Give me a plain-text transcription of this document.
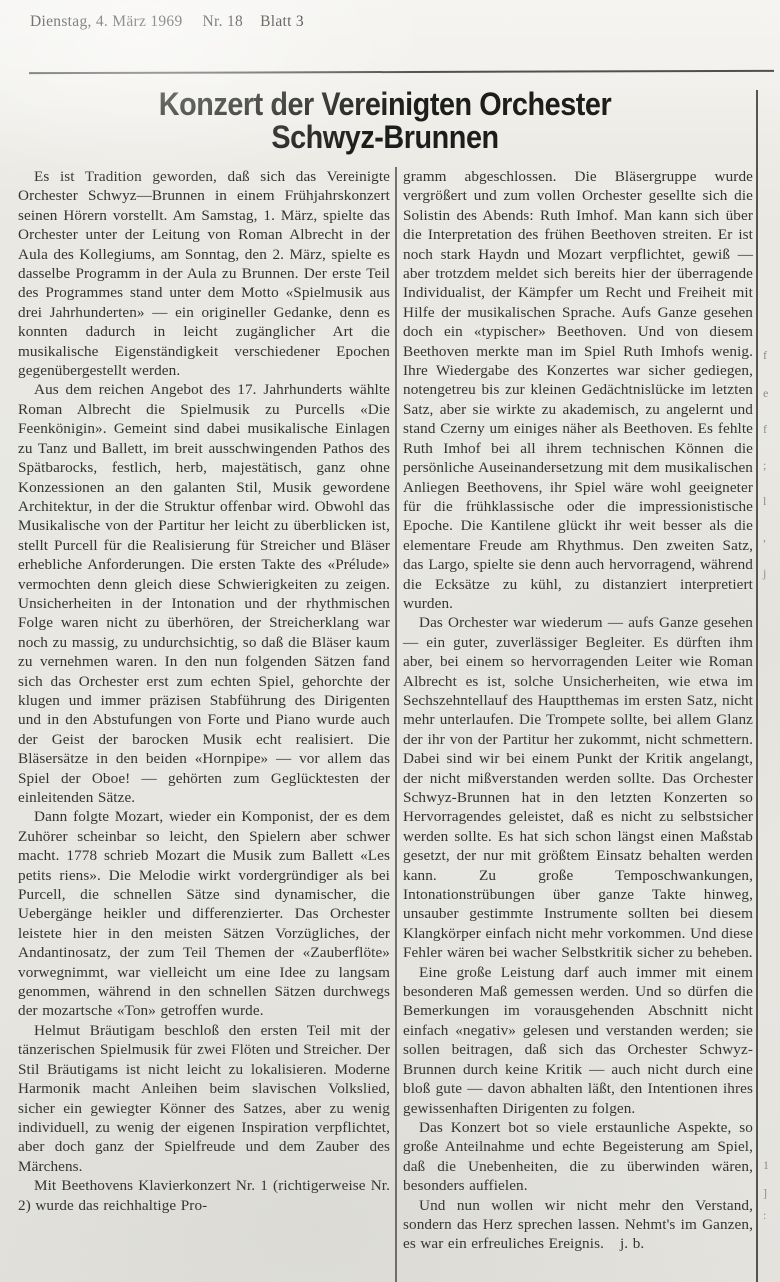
Dienstag, 4. März 1969 Nr. 18 Blatt 3
Konzert der Vereinigten Orchester
Schwyz-Brunnen

Es ist Tradition geworden, daß sich das Vereinigte Orchester Schwyz—Brunnen in einem Frühjahrskonzert seinen Hörern vorstellt. Am Samstag, 1. März, spielte das Orchester unter der Leitung von Roman Albrecht in der Aula des Kollegiums, am Sonntag, den 2. März, spielte es dasselbe Programm in der Aula zu Brunnen. Der erste Teil des Programmes stand unter dem Motto «Spielmusik aus drei Jahrhunderten» — ein origineller Gedanke, denn es konnten dadurch in leicht zugänglicher Art die musikalische Eigenständigkeit verschiedener Epochen gegenübergestellt werden.

Aus dem reichen Angebot des 17. Jahrhunderts wählte Roman Albrecht die Spielmusik zu Purcells «Die Feenkönigin». Gemeint sind dabei musikalische Einlagen zu Tanz und Ballett, im breit ausschwingenden Pathos des Spätbarocks, festlich, herb, majestätisch, ganz ohne Konzessionen an den galanten Stil, Musik gewordene Architektur, in der die Struktur offenbar wird. Obwohl das Musikalische von der Partitur her leicht zu überblicken ist, stellt Purcell für die Realisierung für Streicher und Bläser erhebliche Anforderungen. Die ersten Takte des «Prélude» vermochten denn gleich diese Schwierigkeiten zu zeigen. Unsicherheiten in der Intonation und der rhythmischen Folge waren nicht zu überhören, der Streicherklang war noch zu massig, zu undurchsichtig, so daß die Bläser kaum zu vernehmen waren. In den nun folgenden Sätzen fand sich das Orchester erst zum echten Spiel, gehorchte der klugen und immer präzisen Stabführung des Dirigenten und in den Abstufungen von Forte und Piano wurde auch der Geist der barocken Musik echt realisiert. Die Bläsersätze in den beiden «Hornpipe» — vor allem das Spiel der Oboe! — gehörten zum Geglücktesten der einleitenden Sätze.

Dann folgte Mozart, wieder ein Komponist, der es dem Zuhörer scheinbar so leicht, den Spielern aber schwer macht. 1778 schrieb Mozart die Musik zum Ballett «Les petits riens». Die Melodie wirkt vordergründiger als bei Purcell, die schnellen Sätze sind dynamischer, die Uebergänge heikler und differenzierter. Das Orchester leistete hier in den meisten Sätzen Vorzügliches, der Andantinosatz, der zum Teil Themen der «Zauberflöte» vorwegnimmt, war vielleicht um eine Idee zu langsam genommen, während in den schnellen Sätzen durchwegs der mozartsche «Ton» getroffen wurde.

Helmut Bräutigam beschloß den ersten Teil mit der tänzerischen Spielmusik für zwei Flöten und Streicher. Der Stil Bräutigams ist nicht leicht zu lokalisieren. Moderne Harmonik macht Anleihen beim slavischen Volkslied, sicher ein gewiegter Könner des Satzes, aber zu wenig individuell, zu wenig der eigenen Inspiration verpflichtet, aber doch ganz der Spielfreude und dem Zauber des Märchens.

Mit Beethovens Klavierkonzert Nr. 1 (richtigerweise Nr. 2) wurde das reichhaltige Pro-

gramm abgeschlossen. Die Bläsergruppe wurde vergrößert und zum vollen Orchester gesellte sich die Solistin des Abends: Ruth Imhof. Man kann sich über die Interpretation des frühen Beethoven streiten. Er ist noch stark Haydn und Mozart verpflichtet, gewiß — aber trotzdem meldet sich bereits hier der überragende Individualist, der Kämpfer um Recht und Freiheit mit Hilfe der musikalischen Sprache. Aufs Ganze gesehen doch ein «typischer» Beethoven. Und von diesem Beethoven merkte man im Spiel Ruth Imhofs wenig. Ihre Wiedergabe des Konzertes war sicher gediegen, notengetreu bis zur kleinen Gedächtnislücke im letzten Satz, aber sie wirkte zu akademisch, zu angelernt und stand Czerny um einiges näher als Beethoven. Es fehlte Ruth Imhof bei all ihrem technischen Können die persönliche Auseinandersetzung mit dem musikalischen Anliegen Beethovens, ihr Spiel wäre wohl geeigneter für die frühklassische oder die impressionistische Epoche. Die Kantilene glückt ihr weit besser als die elementare Freude am Rhythmus. Den zweiten Satz, das Largo, spielte sie denn auch hervorragend, während die Ecksätze zu kühl, zu distanziert interpretiert wurden.

Das Orchester war wiederum — aufs Ganze gesehen — ein guter, zuverlässiger Begleiter. Es dürften ihm aber, bei einem so hervorragenden Leiter wie Roman Albrecht es ist, solche Unsicherheiten, wie etwa im Sechszehntellauf des Hauptthemas im ersten Satz, nicht mehr unterlaufen. Die Trompete sollte, bei allem Glanz der ihr von der Partitur her zukommt, nicht schmettern. Dabei sind wir bei einem Punkt der Kritik angelangt, der nicht mißverstanden werden sollte. Das Orchester Schwyz-Brunnen hat in den letzten Konzerten so Hervorragendes geleistet, daß es nicht zu selbstsicher werden sollte. Es hat sich schon längst einen Maßstab gesetzt, der nur mit größtem Einsatz behalten werden kann. Zu große Temposchwankungen, Intonationstrübungen über ganze Takte hinweg, unsauber gestimmte Instrumente sollten bei diesem Klangkörper einfach nicht mehr vorkommen. Und diese Fehler wären bei wacher Selbstkritik sicher zu beheben.

Eine große Leistung darf auch immer mit einem besonderen Maß gemessen werden. Und so dürfen die Bemerkungen im vorausgehenden Abschnitt nicht einfach «negativ» gelesen und verstanden werden; sie sollen beitragen, daß sich das Orchester Schwyz-Brunnen durch keine Kritik — auch nicht durch eine bloß gute — davon abhalten läßt, den Intentionen ihres gewissenhaften Dirigenten zu folgen.

Das Konzert bot so viele erstaunliche Aspekte, so große Anteilnahme und echte Begeisterung am Spiel, daß die Unebenheiten, die zu überwinden wären, besonders auffielen.

Und nun wollen wir nicht mehr den Verstand, sondern das Herz sprechen lassen. Nehmt's im Ganzen, es war ein erfreuliches Ereignis. j. b.

f
e
f
;
l
,
j
1
]
:
